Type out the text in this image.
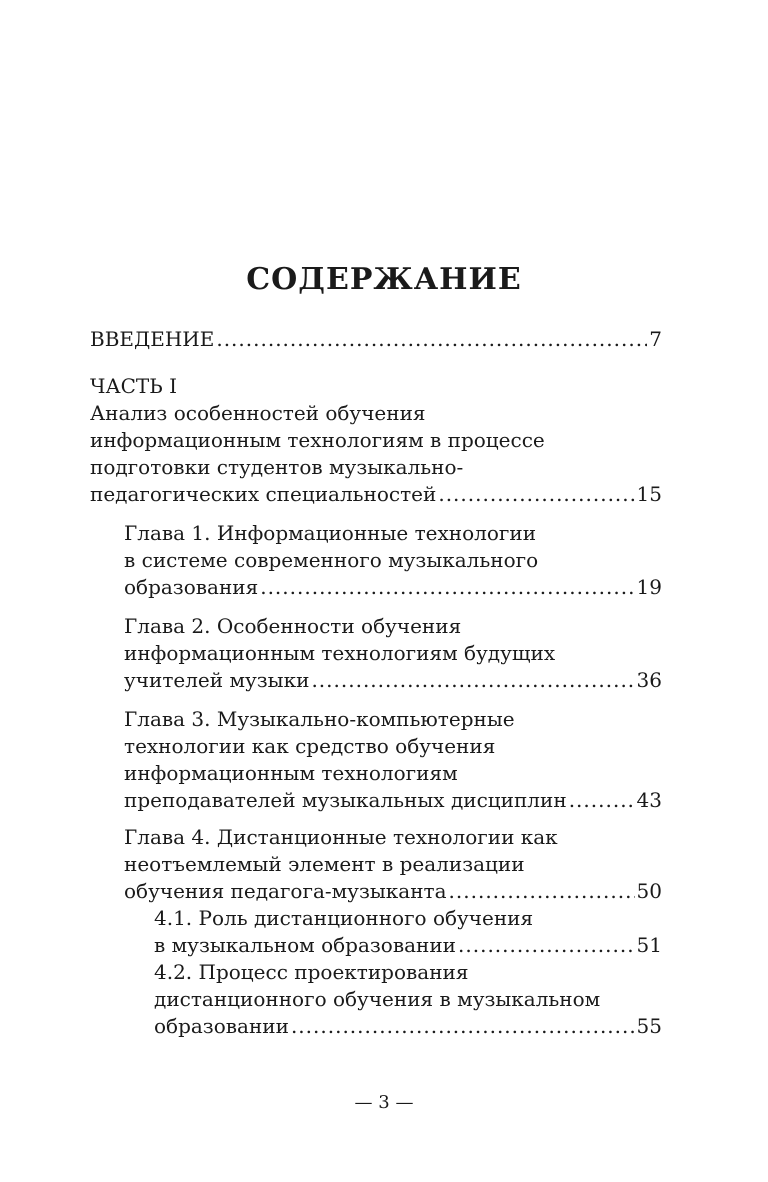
СОДЕРЖАНИЕ
ВВЕДЕНИЕ .....	7
ЧАСТЬ I
Анализ особенностей обучения
информационным технологиям в процессе
подготовки студентов музыкально-
педагогических специальностей .....	15
Глава 1. Информационные технологии
в системе современного музыкального
образования .....	19
Глава 2. Особенности обучения
информационным технологиям будущих
учителей музыки .....	36
Глава 3. Музыкально-компьютерные
технологии как средство обучения
информационным технологиям
преподавателей музыкальных дисциплин .....	43
Глава 4. Дистанционные технологии как
неотъемлемый элемент в реализации
обучения педагога-музыканта .....	50
4.1. Роль дистанционного обучения
в музыкальном образовании .....	51
4.2. Процесс проектирования
дистанционного обучения в музыкальном
образовании .....	55
— 3 —
